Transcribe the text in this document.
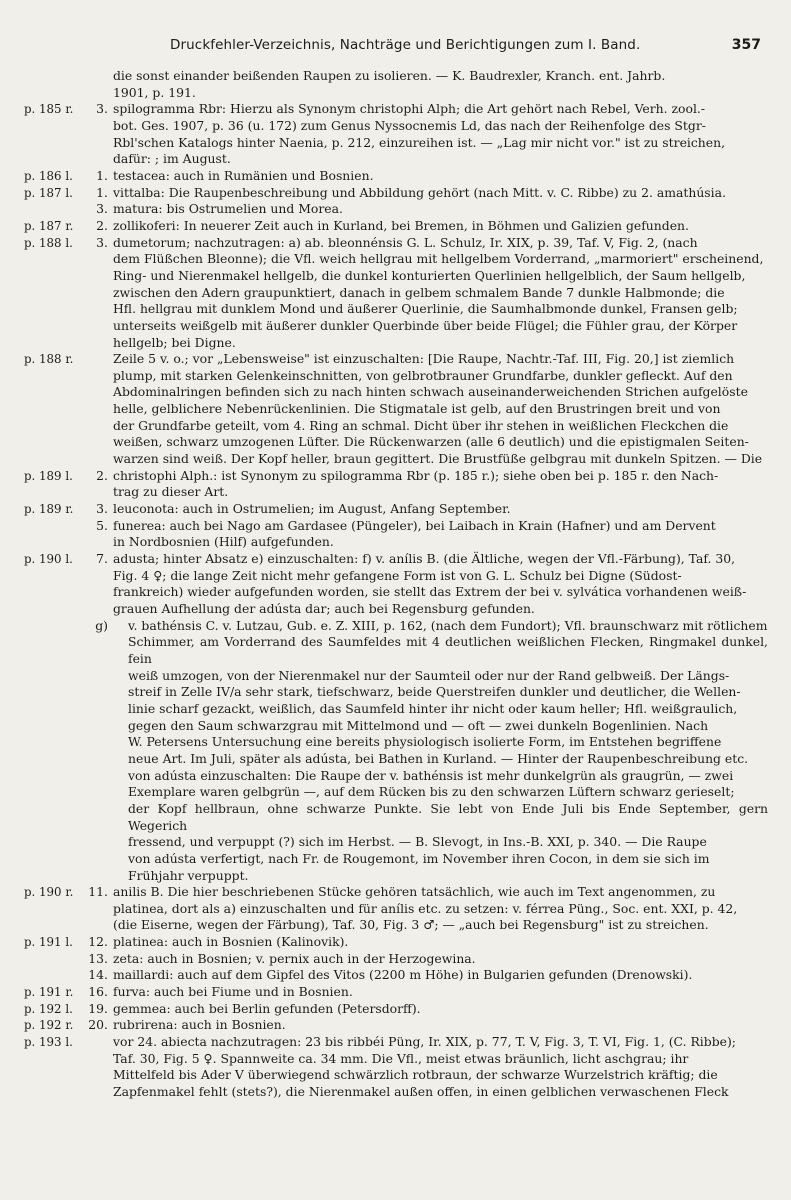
Druckfehler-Verzeichnis, Nachträge und Berichtigungen zum I. Band.	357

die sonst einander beißenden Raupen zu isolieren. — K. Baudrexler, Kranch. ent. Jahrb.

1901, p. 191.

p. 185 r.	3. spilogramma Rbr: Hierzu als Synonym christophi Alph; die Art gehört nach Rebel, Verh. zool.-

bot. Ges. 1907, p. 36 (u. 172) zum Genus Nyssocnemis Ld, das nach der Reihenfolge des Stgr-

Rbl'schen Katalogs hinter Naenia, p. 212, einzureihen ist. — „Lag mir nicht vor." ist zu streichen,

dafür: ; im August.

p. 186 l.	1. testacea: auch in Rumänien und Bosnien.

p. 187 l.	1. vittalba: Die Raupenbeschreibung und Abbildung gehört (nach Mitt. v. C. Ribbe) zu 2. amathúsia.

3. matura: bis Ostrumelien und Morea.

p. 187 r.	2. zollikoferi: In neuerer Zeit auch in Kurland, bei Bremen, in Böhmen und Galizien gefunden.

p. 188 l.	3. dumetorum; nachzutragen: a) ab. bleonnénsis G. L. Schulz, Ir. XIX, p. 39, Taf. V, Fig. 2, (nach

dem Flüßchen Bleonne); die Vfl. weich hellgrau mit hellgelbem Vorderrand, „marmoriert" erscheinend,

Ring- und Nierenmakel hellgelb, die dunkel konturierten Querlinien hellgelblich, der Saum hellgelb,

zwischen den Adern graupunktiert, danach in gelbem schmalem Bande 7 dunkle Halbmonde; die

Hfl. hellgrau mit dunklem Mond und äußerer Querlinie, die Saumhalbmonde dunkel, Fransen gelb;

unterseits weißgelb mit äußerer dunkler Querbinde über beide Flügel; die Fühler grau, der Körper

hellgelb; bei Digne.

p. 188 r.	Zeile 5 v. o.; vor „Lebensweise" ist einzuschalten: [Die Raupe, Nachtr.-Taf. III, Fig. 20,] ist ziemlich

plump, mit starken Gelenkeinschnitten, von gelbrotbrauner Grundfarbe, dunkler gefleckt. Auf den

Abdominalringen befinden sich zu nach hinten schwach auseinanderweichenden Strichen aufgelöste

helle, gelblichere Nebenrückenlinien. Die Stigmatale ist gelb, auf den Brustringen breit und von

der Grundfarbe geteilt, vom 4. Ring an schmal. Dicht über ihr stehen in weißlichen Fleckchen die

weißen, schwarz umzogenen Lüfter. Die Rückenwarzen (alle 6 deutlich) und die epistigmalen Seiten-

warzen sind weiß. Der Kopf heller, braun gegittert. Die Brustfüße gelbgrau mit dunkeln Spitzen. — Die

p. 189 l.	2. christophi Alph.: ist Synonym zu spilogramma Rbr (p. 185 r.); siehe oben bei p. 185 r. den Nach-

trag zu dieser Art.

p. 189 r.	3. leuconota: auch in Ostrumelien; im August, Anfang September.

5. funerea: auch bei Nago am Gardasee (Püngeler), bei Laibach in Krain (Hafner) und am Dervent

in Nordbosnien (Hilf) aufgefunden.

p. 190 l.	7. adusta; hinter Absatz e) einzuschalten: f) v. anílis B. (die Ältliche, wegen der Vfl.-Färbung), Taf. 30,

Fig. 4 ♀; die lange Zeit nicht mehr gefangene Form ist von G. L. Schulz bei Digne (Südost-

frankreich) wieder aufgefunden worden, sie stellt das Extrem der bei v. sylvática vorhandenen weiß-

grauen Aufhellung der adústa dar; auch bei Regensburg gefunden.

g) v. bathénsis C. v. Lutzau, Gub. e. Z. XIII, p. 162, (nach dem Fundort); Vfl. braunschwarz mit rötlichem

Schimmer, am Vorderrand des Saumfeldes mit 4 deutlichen weißlichen Flecken, Ringmakel dunkel, fein

weiß umzogen, von der Nierenmakel nur der Saumteil oder nur der Rand gelbweiß. Der Längs-

streif in Zelle IV/a sehr stark, tiefschwarz, beide Querstreifen dunkler und deutlicher, die Wellen-

linie scharf gezackt, weißlich, das Saumfeld hinter ihr nicht oder kaum heller; Hfl. weißgraulich,

gegen den Saum schwarzgrau mit Mittelmond und — oft — zwei dunkeln Bogenlinien. Nach

W. Petersens Untersuchung eine bereits physiologisch isolierte Form, im Entstehen begriffene

neue Art. Im Juli, später als adústa, bei Bathen in Kurland. — Hinter der Raupenbeschreibung etc.

von adústa einzuschalten: Die Raupe der v. bathénsis ist mehr dunkelgrün als graugrün, — zwei

Exemplare waren gelbgrün —, auf dem Rücken bis zu den schwarzen Lüftern schwarz gerieselt;

der Kopf hellbraun, ohne schwarze Punkte. Sie lebt von Ende Juli bis Ende September, gern Wegerich

fressend, und verpuppt (?) sich im Herbst. — B. Slevogt, in Ins.-B. XXI, p. 340. — Die Raupe

von adústa verfertigt, nach Fr. de Rougemont, im November ihren Cocon, in dem sie sich im

Frühjahr verpuppt.

p. 190 r.	11. anilis B. Die hier beschriebenen Stücke gehören tatsächlich, wie auch im Text angenommen, zu

platinea, dort als a) einzuschalten und für anílis etc. zu setzen: v. férrea Püng., Soc. ent. XXI, p. 42,

(die Eiserne, wegen der Färbung), Taf. 30, Fig. 3 ♂; — „auch bei Regensburg" ist zu streichen.

p. 191 l.	12. platinea: auch in Bosnien (Kalinovik).

13. zeta: auch in Bosnien; v. pernix auch in der Herzogewina.

14. maillardi: auch auf dem Gipfel des Vitos (2200 m Höhe) in Bulgarien gefunden (Drenowski).

p. 191 r.	16. furva: auch bei Fiume und in Bosnien.

p. 192 l.	19. gemmea: auch bei Berlin gefunden (Petersdorff).

p. 192 r.	20. rubrirena: auch in Bosnien.

p. 193 l.	vor 24. abiecta nachzutragen: 23 bis ribbéi Püng, Ir. XIX, p. 77, T. V, Fig. 3, T. VI, Fig. 1, (C. Ribbe);

Taf. 30, Fig. 5 ♀. Spannweite ca. 34 mm. Die Vfl., meist etwas bräunlich, licht aschgrau; ihr

Mittelfeld bis Ader V überwiegend schwärzlich rotbraun, der schwarze Wurzelstrich kräftig; die

Zapfenmakel fehlt (stets?), die Nierenmakel außen offen, in einen gelblichen verwaschenen Fleck
